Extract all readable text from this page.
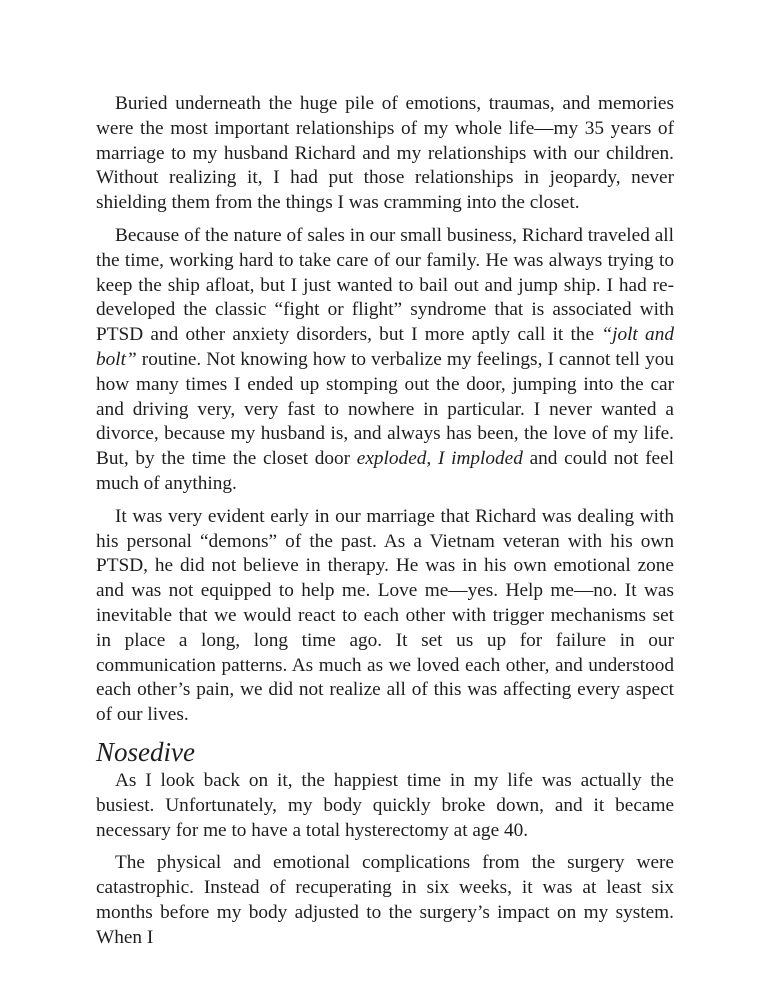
Buried underneath the huge pile of emotions, traumas, and memories were the most important relationships of my whole life—my 35 years of marriage to my husband Richard and my relationships with our children. Without realizing it, I had put those relationships in jeopardy, never shielding them from the things I was cramming into the closet.

Because of the nature of sales in our small business, Richard traveled all the time, working hard to take care of our family. He was always trying to keep the ship afloat, but I just wanted to bail out and jump ship. I had re-developed the classic “fight or flight” syndrome that is associated with PTSD and other anxiety disorders, but I more aptly call it the “jolt and bolt” routine. Not knowing how to verbalize my feelings, I cannot tell you how many times I ended up stomping out the door, jumping into the car and driving very, very fast to nowhere in particular. I never wanted a divorce, because my husband is, and always has been, the love of my life. But, by the time the closet door exploded, I imploded and could not feel much of anything.

It was very evident early in our marriage that Richard was dealing with his personal “demons” of the past. As a Vietnam veteran with his own PTSD, he did not believe in therapy. He was in his own emotional zone and was not equipped to help me. Love me—yes. Help me—no. It was inevitable that we would react to each other with trigger mechanisms set in place a long, long time ago. It set us up for failure in our communication patterns. As much as we loved each other, and understood each other’s pain, we did not realize all of this was affecting every aspect of our lives.

Nosedive

As I look back on it, the happiest time in my life was actually the busiest. Unfortunately, my body quickly broke down, and it became necessary for me to have a total hysterectomy at age 40.

The physical and emotional complications from the surgery were catastrophic. Instead of recuperating in six weeks, it was at least six months before my body adjusted to the surgery’s impact on my system. When I
